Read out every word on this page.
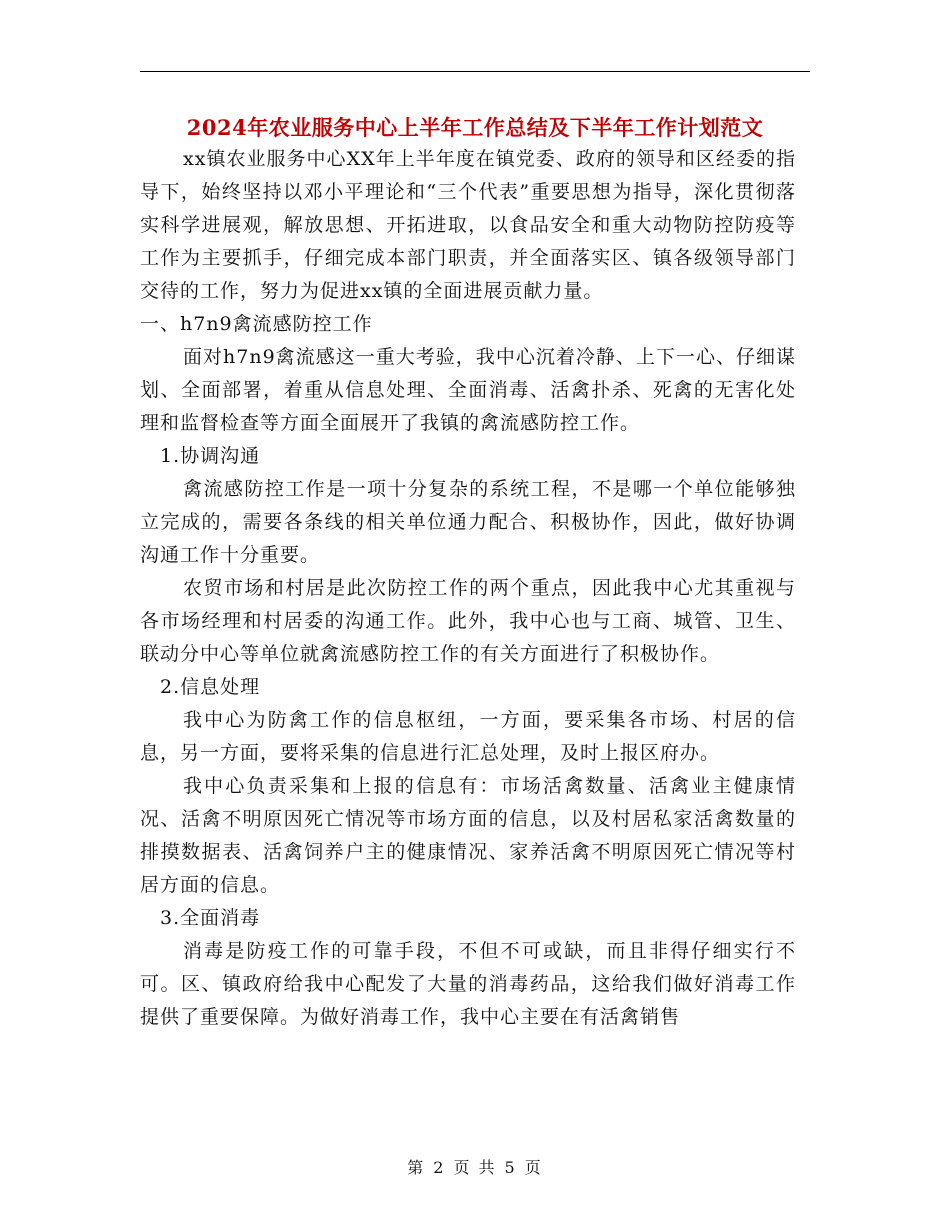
2024年农业服务中心上半年工作总结及下半年工作计划范文

xx镇农业服务中心XX年上半年度在镇党委、政府的领导和区经委的指导下，始终坚持以邓小平理论和“三个代表”重要思想为指导，深化贯彻落实科学进展观，解放思想、开拓进取，以食品安全和重大动物防控防疫等工作为主要抓手，仔细完成本部门职责，并全面落实区、镇各级领导部门交待的工作，努力为促进xx镇的全面进展贡献力量。

一、h7n9禽流感防控工作

面对h7n9禽流感这一重大考验，我中心沉着冷静、上下一心、仔细谋划、全面部署，着重从信息处理、全面消毒、活禽扑杀、死禽的无害化处理和监督检查等方面全面展开了我镇的禽流感防控工作。

1.协调沟通

禽流感防控工作是一项十分复杂的系统工程，不是哪一个单位能够独立完成的，需要各条线的相关单位通力配合、积极协作，因此，做好协调沟通工作十分重要。

农贸市场和村居是此次防控工作的两个重点，因此我中心尤其重视与各市场经理和村居委的沟通工作。此外，我中心也与工商、城管、卫生、联动分中心等单位就禽流感防控工作的有关方面进行了积极协作。

2.信息处理

我中心为防禽工作的信息枢纽，一方面，要采集各市场、村居的信息，另一方面，要将采集的信息进行汇总处理，及时上报区府办。

我中心负责采集和上报的信息有：市场活禽数量、活禽业主健康情况、活禽不明原因死亡情况等市场方面的信息，以及村居私家活禽数量的排摸数据表、活禽饲养户主的健康情况、家养活禽不明原因死亡情况等村居方面的信息。

3.全面消毒

消毒是防疫工作的可靠手段，不但不可或缺，而且非得仔细实行不可。区、镇政府给我中心配发了大量的消毒药品，这给我们做好消毒工作提供了重要保障。为做好消毒工作，我中心主要在有活禽销售

第 2 页 共 5 页
